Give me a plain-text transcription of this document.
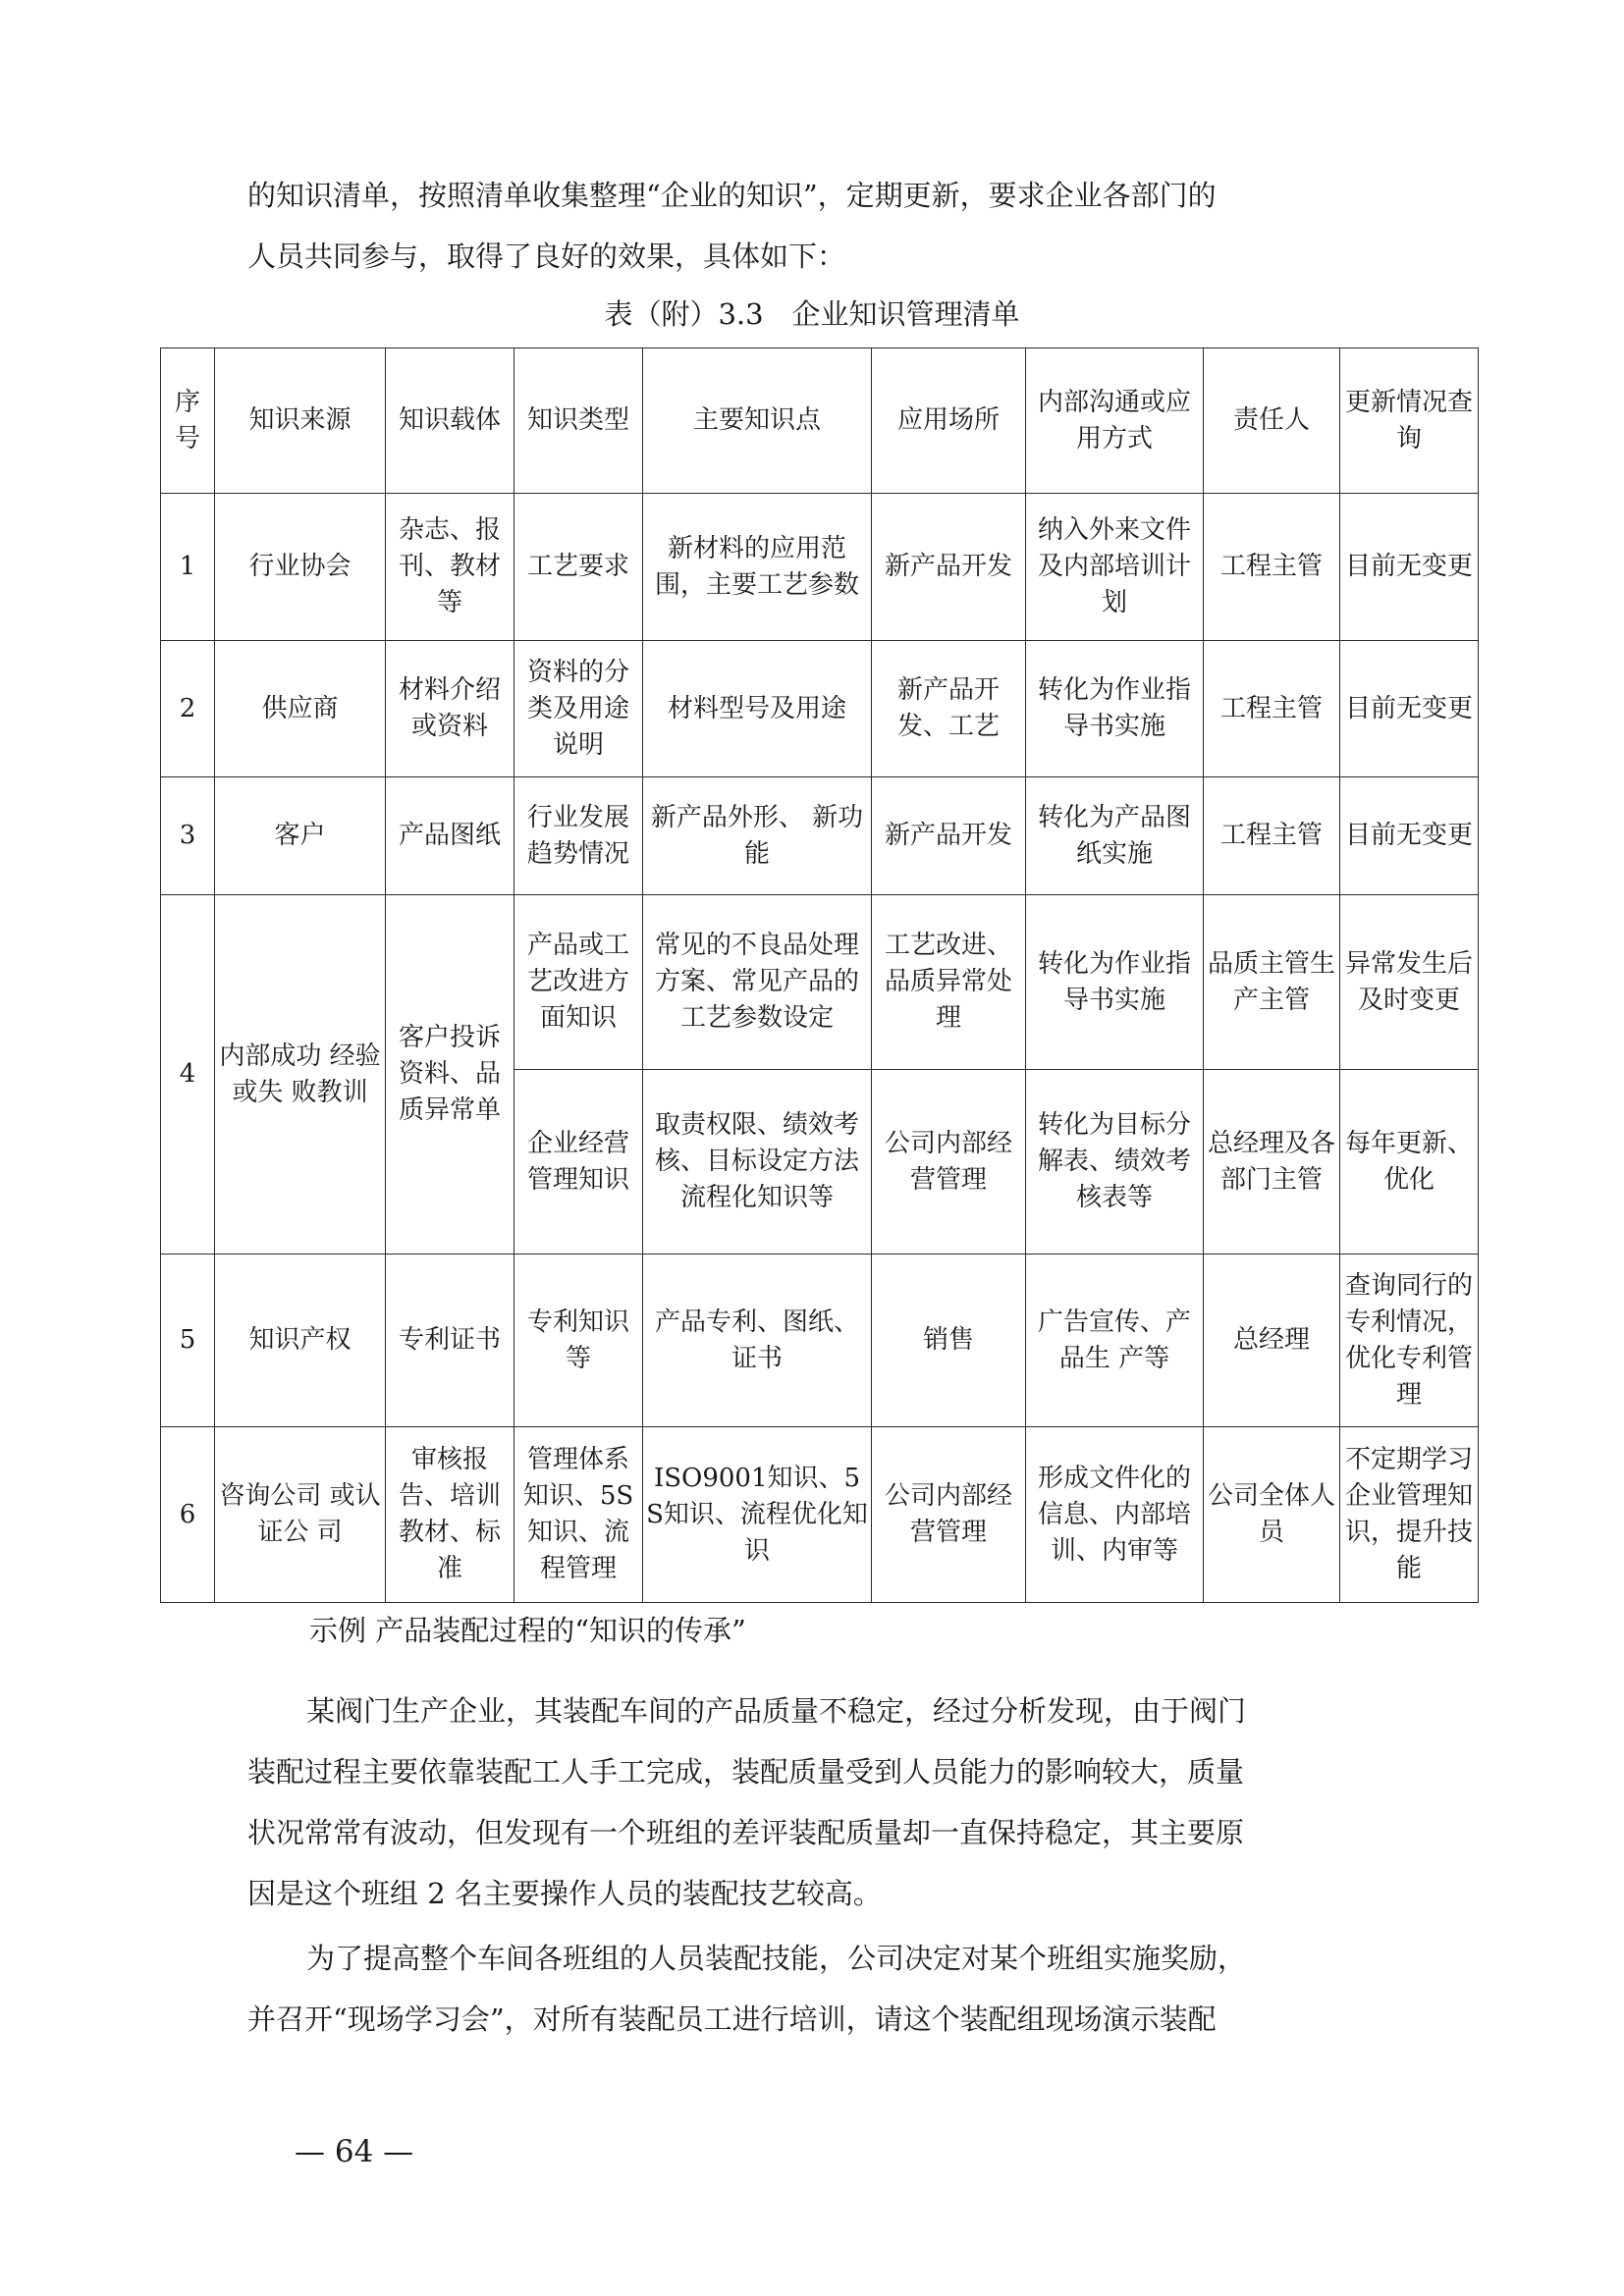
的知识清单，按照清单收集整理“企业的知识”，定期更新，要求企业各部门的
人员共同参与，取得了良好的效果，具体如下：
表（附）3.3　企业知识管理清单
序号	知识来源	知识载体	知识类型	主要知识点	应用场所	内部沟通或应用方式	责任人	更新情况查询
1	行业协会	杂志、报刊、教材等	工艺要求	新材料的应用范围，主要工艺参数	新产品开发	纳入外来文件及内部培训计划	工程主管	目前无变更
2	供应商	材料介绍或资料	资料的分类及用途说明	材料型号及用途	新产品开发、工艺	转化为作业指导书实施	工程主管	目前无变更
3	客户	产品图纸	行业发展趋势情况	新产品外形、 新功能	新产品开发	转化为产品图纸实施	工程主管	目前无变更
4	内部成功 经验或失 败教训	客户投诉资料、品质异常单	产品或工艺改进方面知识	常见的不良品处理方案、常见产品的工艺参数设定	工艺改进、品质异常处理	转化为作业指导书实施	品质主管生产主管	异常发生后及时变更
			企业经营管理知识	取责权限、绩效考核、目标设定方法流程化知识等	公司内部经营管理	转化为目标分解表、绩效考核表等	总经理及各部门主管	每年更新、优化
5	知识产权	专利证书	专利知识等	产品专利、图纸、证书	销售	广告宣传、产品生 产等	总经理	查询同行的专利情况，优化专利管理
6	咨询公司 或认证公 司	审核报告、培训教材、标准	管理体系知识、5S知识、流程管理	ISO9001知识、5S知识、流程优化知识	公司内部经营管理	形成文件化的信息、内部培训、内审等	公司全体人员	不定期学习企业管理知识，提升技能
示例 产品装配过程的“知识的传承”
某阀门生产企业，其装配车间的产品质量不稳定，经过分析发现，由于阀门
装配过程主要依靠装配工人手工完成，装配质量受到人员能力的影响较大，质量
状况常常有波动，但发现有一个班组的差评装配质量却一直保持稳定，其主要原
因是这个班组 2 名主要操作人员的装配技艺较高。
为了提高整个车间各班组的人员装配技能，公司决定对某个班组实施奖励，
并召开“现场学习会”，对所有装配员工进行培训，请这个装配组现场演示装配
— 64 —
